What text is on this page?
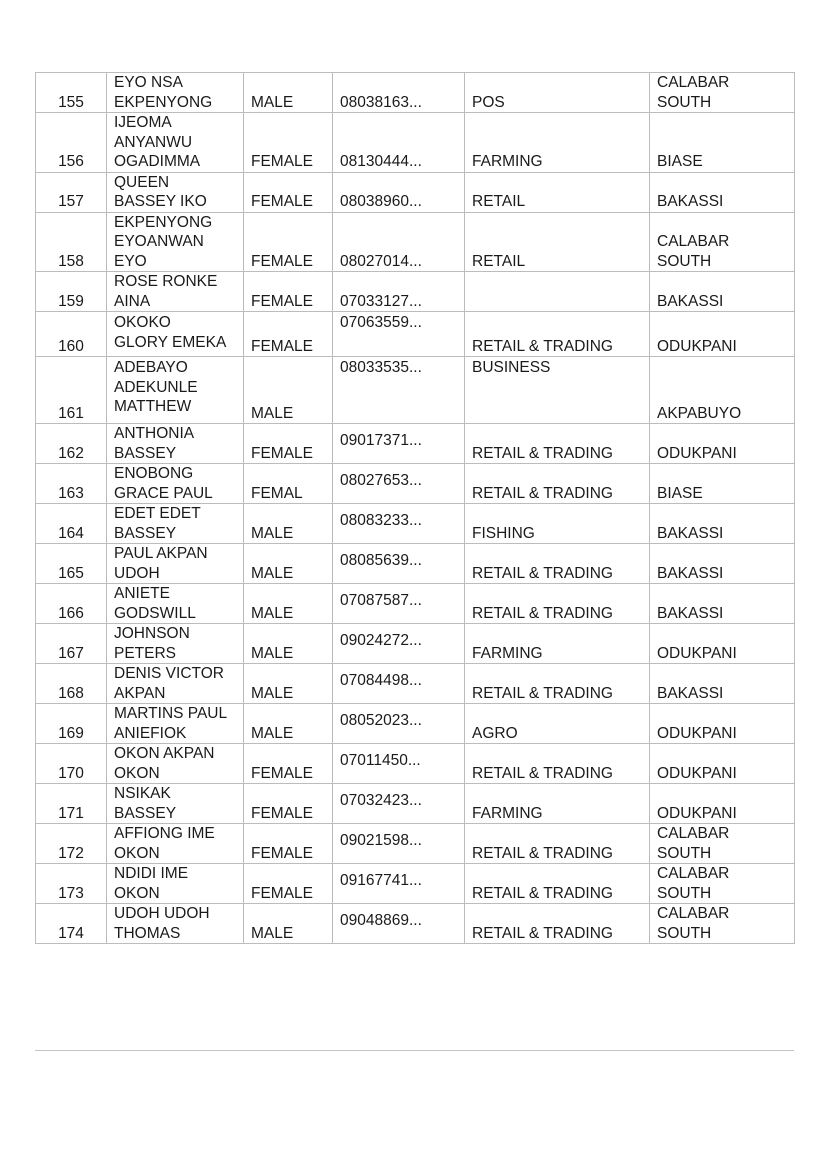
155	EYO NSA
EKPENYONG	MALE	08038163...	POS	CALABAR
SOUTH
156	IJEOMA
ANYANWU
OGADIMMA	FEMALE	08130444...	FARMING	BIASE
157	QUEEN
BASSEY IKO	FEMALE	08038960...	RETAIL	BAKASSI
158	EKPENYONG
EYOANWAN
EYO	FEMALE	08027014...	RETAIL	CALABAR
SOUTH
159	ROSE RONKE
AINA	FEMALE	07033127...		BAKASSI
160	OKOKO
GLORY EMEKA	FEMALE	07063559...	RETAIL & TRADING	ODUKPANI
161	ADEBAYO
ADEKUNLE
MATTHEW	MALE	08033535...	BUSINESS	AKPABUYO
162	ANTHONIA
BASSEY	FEMALE	09017371...	RETAIL & TRADING	ODUKPANI
163	ENOBONG
GRACE PAUL	FEMAL	08027653...	RETAIL & TRADING	BIASE
164	EDET EDET
BASSEY	MALE	08083233...	FISHING	BAKASSI
165	PAUL AKPAN
UDOH	MALE	08085639...	RETAIL & TRADING	BAKASSI
166	ANIETE
GODSWILL	MALE	07087587...	RETAIL & TRADING	BAKASSI
167	JOHNSON
PETERS	MALE	09024272...	FARMING	ODUKPANI
168	DENIS VICTOR
AKPAN	MALE	07084498...	RETAIL & TRADING	BAKASSI
169	MARTINS PAUL
ANIEFIOK	MALE	08052023...	AGRO	ODUKPANI
170	OKON AKPAN
OKON	FEMALE	07011450...	RETAIL & TRADING	ODUKPANI
171	NSIKAK
BASSEY	FEMALE	07032423...	FARMING	ODUKPANI
172	AFFIONG IME
OKON	FEMALE	09021598...	RETAIL & TRADING	CALABAR
SOUTH
173	NDIDI IME
OKON	FEMALE	09167741...	RETAIL & TRADING	CALABAR
SOUTH
174	UDOH UDOH
THOMAS	MALE	09048869...	RETAIL & TRADING	CALABAR
SOUTH
